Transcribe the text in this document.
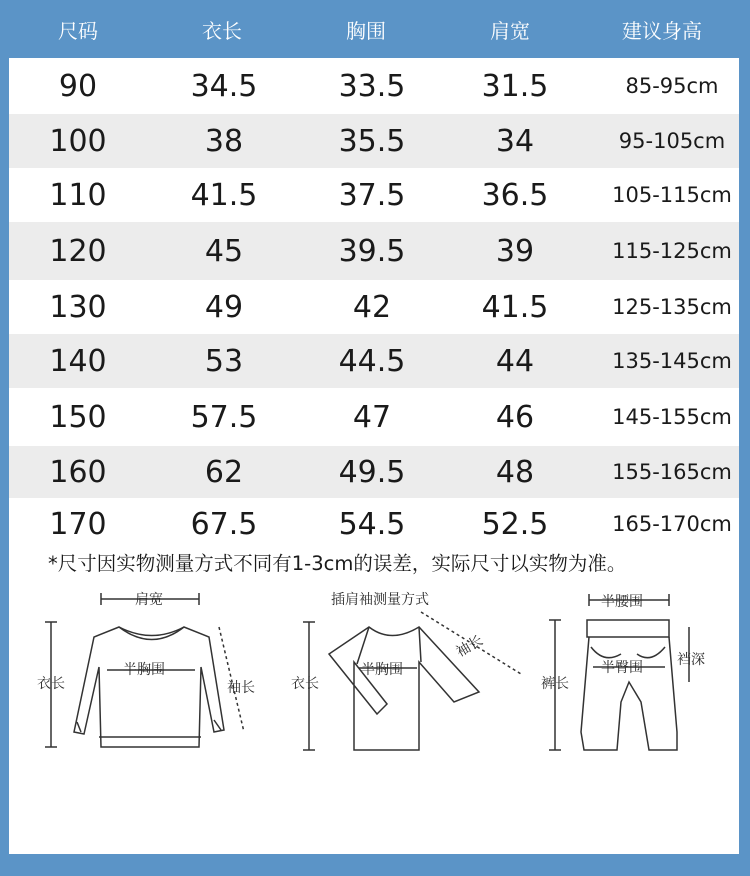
尺码	衣长	胸围	肩宽	建议身高
90	34.5	33.5	31.5	85-95cm
100	38	35.5	34	95-105cm
110	41.5	37.5	36.5	105-115cm
120	45	39.5	39	115-125cm
130	49	42	41.5	125-135cm
140	53	44.5	44	135-145cm
150	57.5	47	46	145-155cm
160	62	49.5	48	155-165cm
170	67.5	54.5	52.5	165-170cm
*尺寸因实物测量方式不同有1-3cm的误差，实际尺寸以实物为准。
肩宽
衣长
半胸围
袖长
插肩袖测量方式
袖长
衣长
半胸围
半腰围
裆深
裤长
半臀围
